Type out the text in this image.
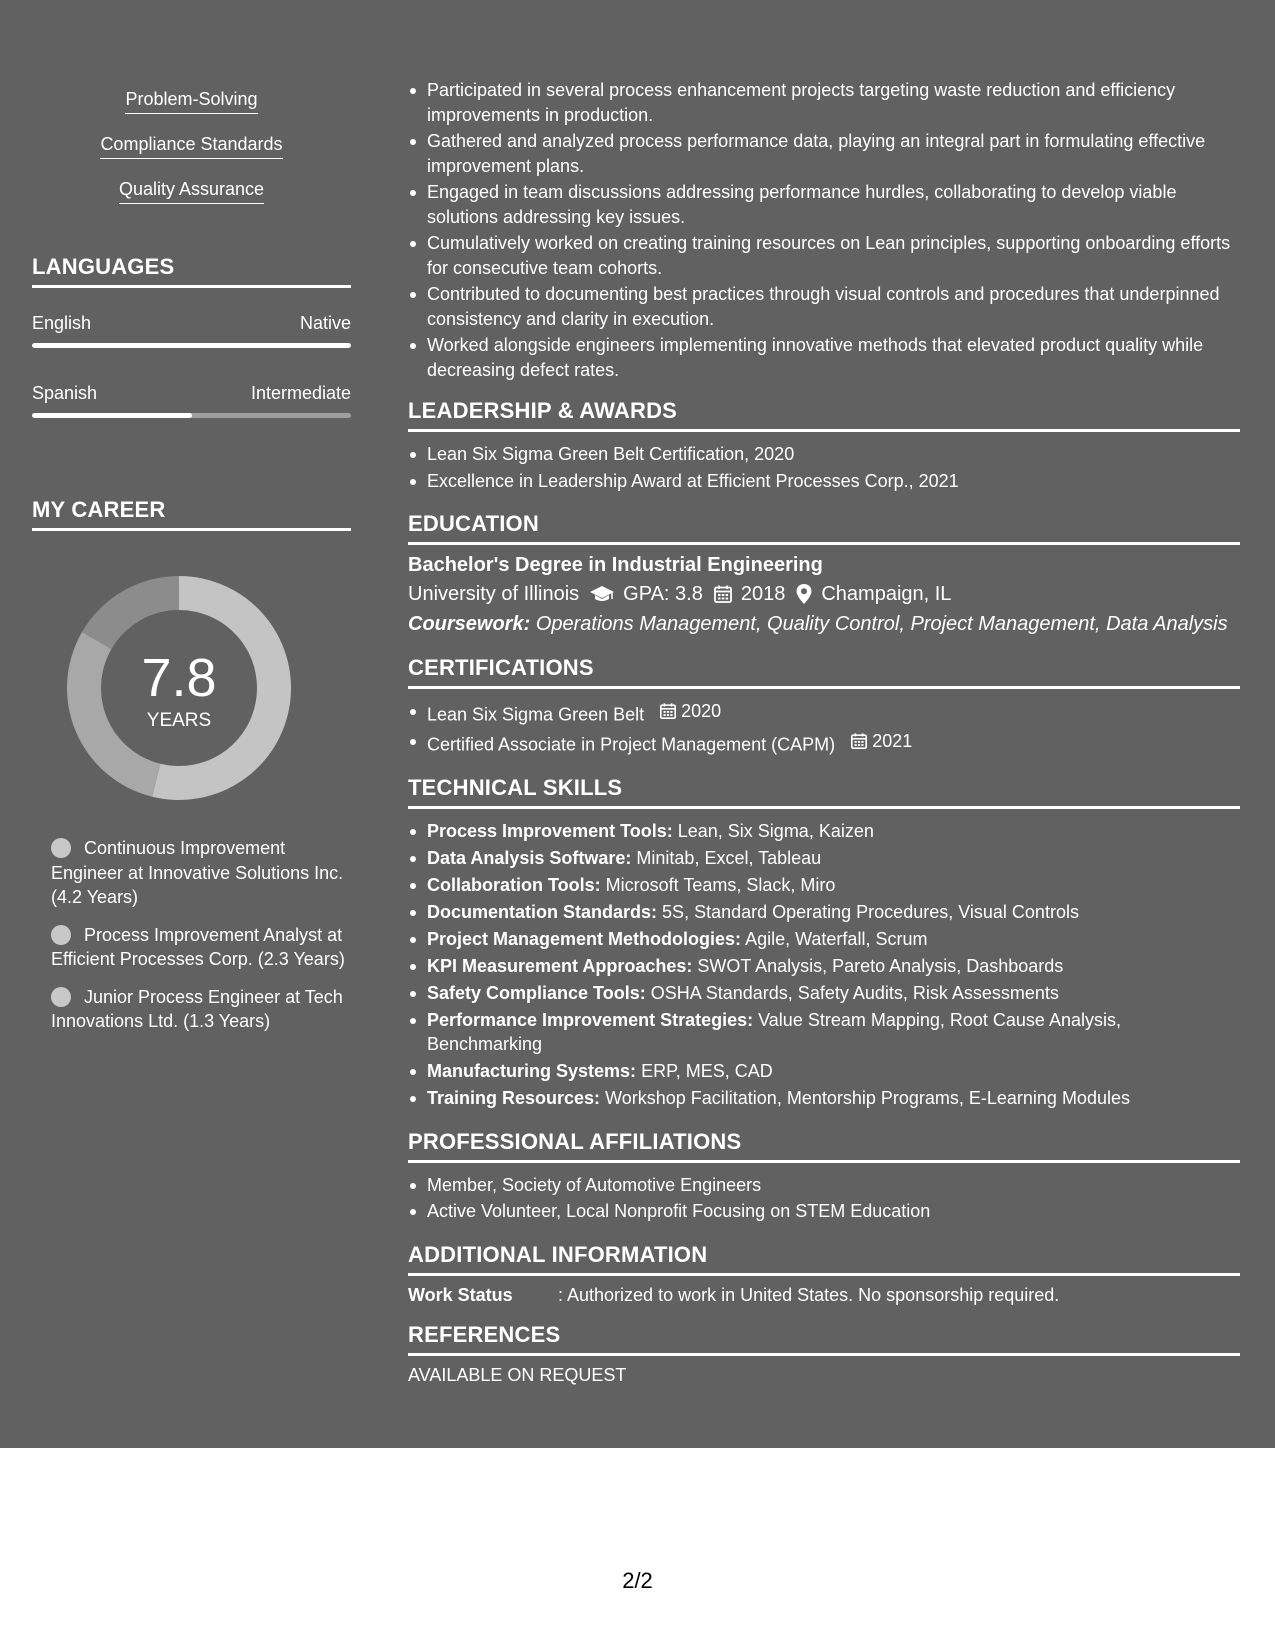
Problem-Solving
Compliance Standards
Quality Assurance
LANGUAGES
English	Native
Spanish	Intermediate
MY CAREER
7.8
YEARS
Continuous Improvement Engineer at Innovative Solutions Inc. (4.2 Years)
Process Improvement Analyst at Efficient Processes Corp. (2.3 Years)
Junior Process Engineer at Tech Innovations Ltd. (1.3 Years)
Participated in several process enhancement projects targeting waste reduction and efficiency improvements in production.
Gathered and analyzed process performance data, playing an integral part in formulating effective improvement plans.
Engaged in team discussions addressing performance hurdles, collaborating to develop viable solutions addressing key issues.
Cumulatively worked on creating training resources on Lean principles, supporting onboarding efforts for consecutive team cohorts.
Contributed to documenting best practices through visual controls and procedures that underpinned consistency and clarity in execution.
Worked alongside engineers implementing innovative methods that elevated product quality while decreasing defect rates.
LEADERSHIP & AWARDS
Lean Six Sigma Green Belt Certification, 2020
Excellence in Leadership Award at Efficient Processes Corp., 2021
EDUCATION
Bachelor's Degree in Industrial Engineering
University of Illinois GPA: 3.8 2018 Champaign, IL
Coursework: Operations Management, Quality Control, Project Management, Data Analysis
CERTIFICATIONS
Lean Six Sigma Green Belt 2020
Certified Associate in Project Management (CAPM) 2021
TECHNICAL SKILLS
Process Improvement Tools: Lean, Six Sigma, Kaizen
Data Analysis Software: Minitab, Excel, Tableau
Collaboration Tools: Microsoft Teams, Slack, Miro
Documentation Standards: 5S, Standard Operating Procedures, Visual Controls
Project Management Methodologies: Agile, Waterfall, Scrum
KPI Measurement Approaches: SWOT Analysis, Pareto Analysis, Dashboards
Safety Compliance Tools: OSHA Standards, Safety Audits, Risk Assessments
Performance Improvement Strategies: Value Stream Mapping, Root Cause Analysis, Benchmarking
Manufacturing Systems: ERP, MES, CAD
Training Resources: Workshop Facilitation, Mentorship Programs, E-Learning Modules
PROFESSIONAL AFFILIATIONS
Member, Society of Automotive Engineers
Active Volunteer, Local Nonprofit Focusing on STEM Education
ADDITIONAL INFORMATION
Work Status	: Authorized to work in United States. No sponsorship required.
REFERENCES
AVAILABLE ON REQUEST
2/2
